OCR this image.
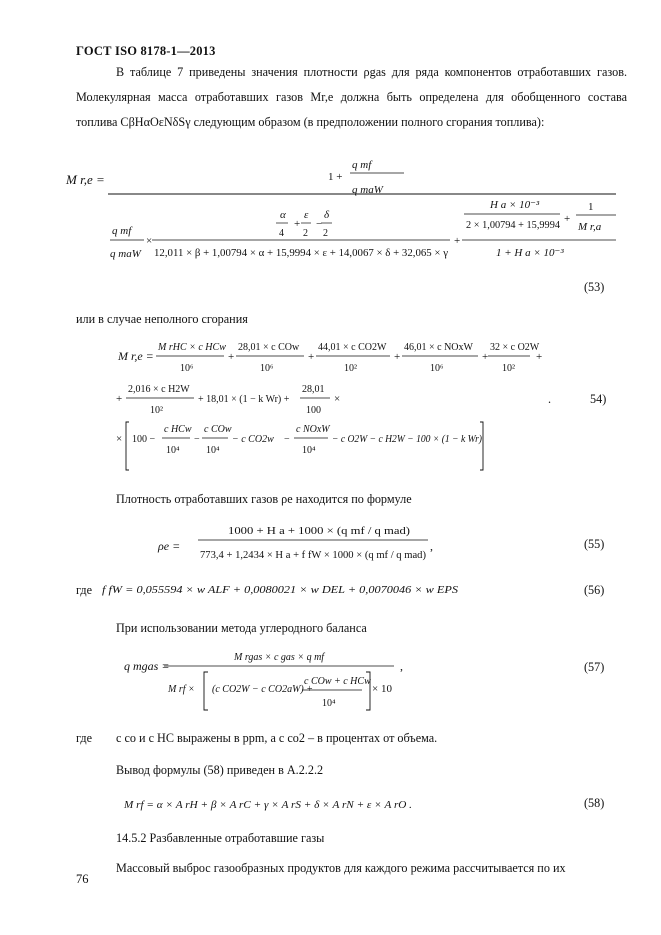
ГОСТ ISO 8178-1—2013
В таблице 7 приведены значения плотности ρgas для ряда компонентов отработавших газов. Молекулярная масса отработавших газов Mr,e должна быть определена для обобщенного состава топлива CβHαOεNδSγ следующим образом (в предположении полного сгорания топлива):
M r,e =	1 +
q mf
q maW
q mf
q maW
×
α
4
+
ε
2
−
δ
2
12,011 × β + 1,00794 × α + 15,9994 × ε + 14,0067 × δ + 32,065 × γ
+
H a × 10⁻³
2 × 1,00794 + 15,9994
+
1
M r,a
1 + H a × 10⁻³
(53)
или в случае неполного сгорания
M r,e =
M rHC × c HCw
10⁶
+
28,01 × c COw
10⁶
+
44,01 × c CO2W
10²
+
46,01 × c NOxW
10⁶
+
32 × c O2W
10²
+
+
2,016 × c H2W
10²
+ 18,01 × (1 − k Wr) +
28,01
100
×
× 100 −
c HCw
10⁴
−
c COw
10⁴
− c CO2w −
c NOxW
10⁴
− c O2W − c H2W − 100 × (1 − k Wr)
.	54)
Плотность отработавших газов ρe находится по формуле
ρe =
1000 + H a + 1000 × (q mf / q mad)
773,4 + 1,2434 × H a + f fW × 1000 × (q mf / q mad)
,	(55)
где f fW = 0,055594 × w ALF + 0,0080021 × w DEL + 0,0070046 × w EPS	(56)
При использовании метода углеродного баланса
q mgas =
M rgas × c gas × q mf
M rf × (c CO2W − c CO2aW) +
c COw + c HCw
10⁴
× 10
,	(57)
где c co и c HC выражены в ppm, а c co2 – в процентах от объема.
Вывод формулы (58) приведен в А.2.2.2
M rf = α × A rH + β × A rC + γ × A rS + δ × A rN + ε × A rO .	(58)
14.5.2 Разбавленные отработавшие газы
Массовый выброс газообразных продуктов для каждого режима рассчитывается по их
76
